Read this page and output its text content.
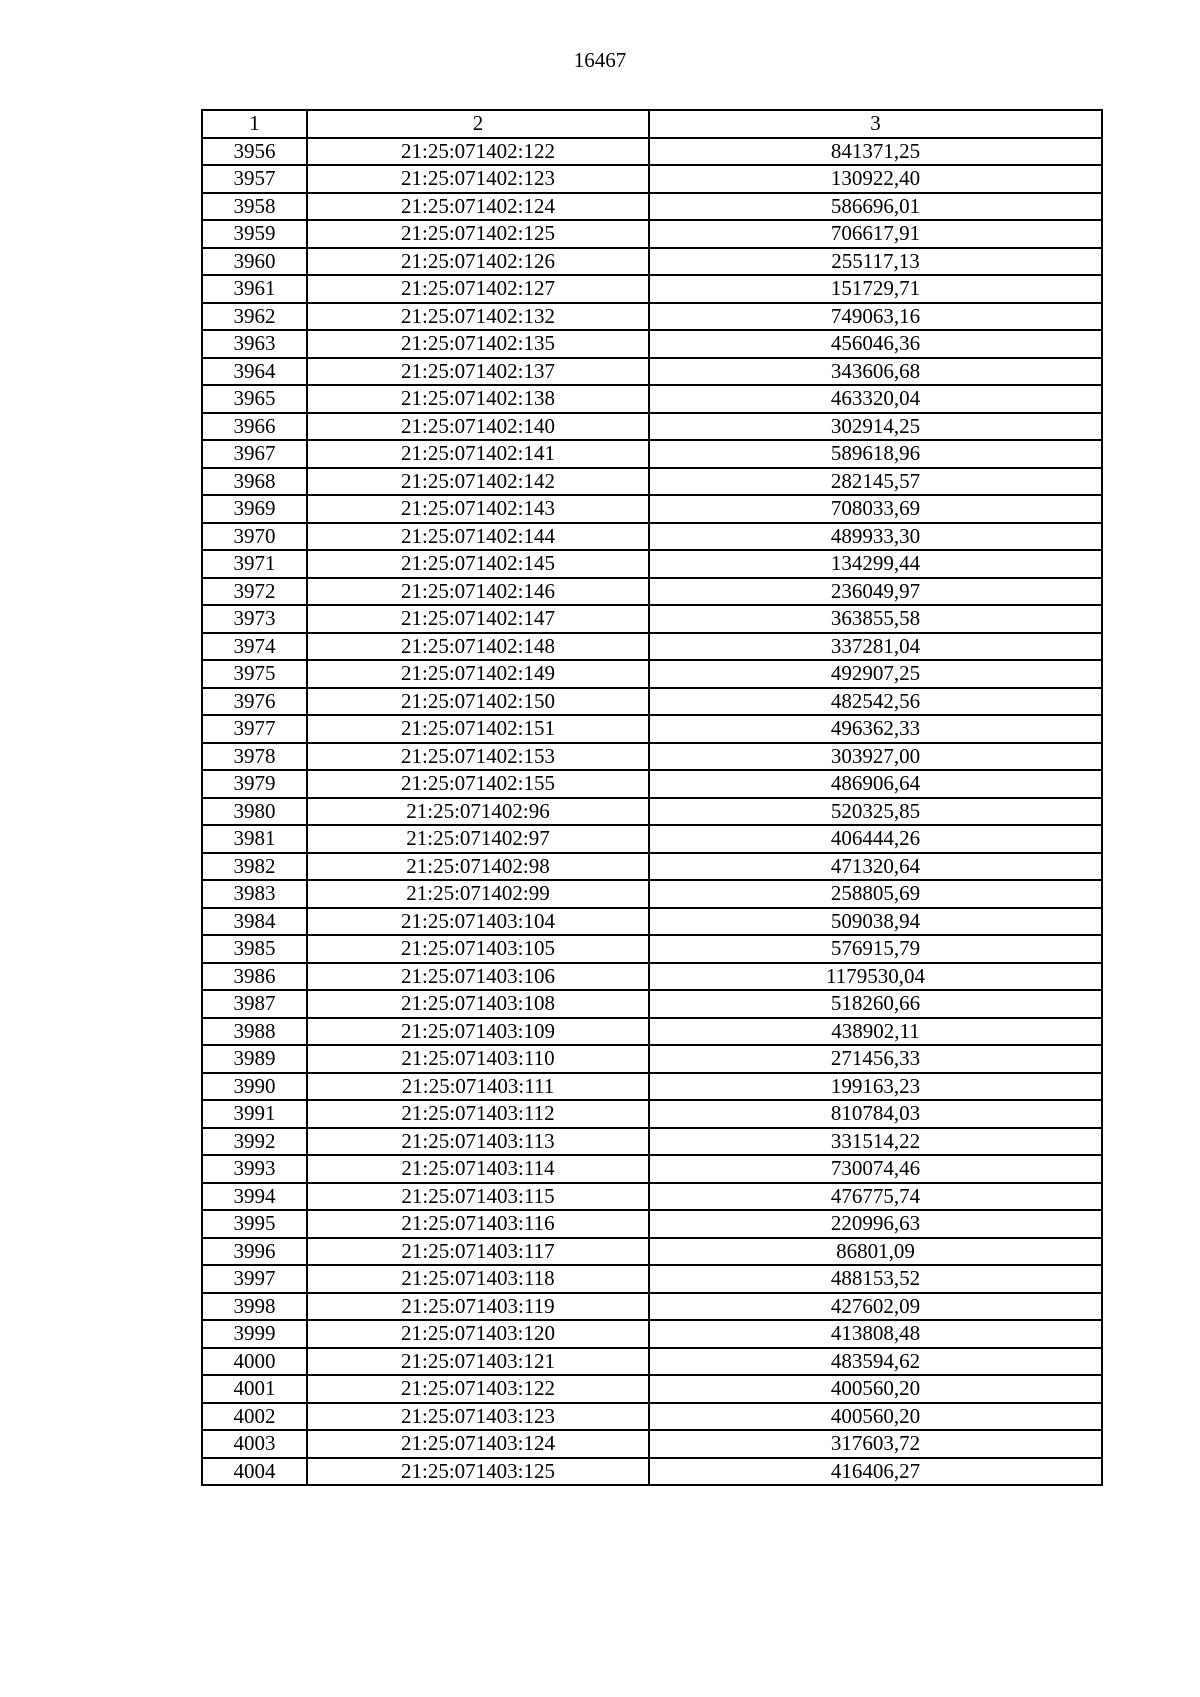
16467
1	2	3
3956	21:25:071402:122	841371,25
3957	21:25:071402:123	130922,40
3958	21:25:071402:124	586696,01
3959	21:25:071402:125	706617,91
3960	21:25:071402:126	255117,13
3961	21:25:071402:127	151729,71
3962	21:25:071402:132	749063,16
3963	21:25:071402:135	456046,36
3964	21:25:071402:137	343606,68
3965	21:25:071402:138	463320,04
3966	21:25:071402:140	302914,25
3967	21:25:071402:141	589618,96
3968	21:25:071402:142	282145,57
3969	21:25:071402:143	708033,69
3970	21:25:071402:144	489933,30
3971	21:25:071402:145	134299,44
3972	21:25:071402:146	236049,97
3973	21:25:071402:147	363855,58
3974	21:25:071402:148	337281,04
3975	21:25:071402:149	492907,25
3976	21:25:071402:150	482542,56
3977	21:25:071402:151	496362,33
3978	21:25:071402:153	303927,00
3979	21:25:071402:155	486906,64
3980	21:25:071402:96	520325,85
3981	21:25:071402:97	406444,26
3982	21:25:071402:98	471320,64
3983	21:25:071402:99	258805,69
3984	21:25:071403:104	509038,94
3985	21:25:071403:105	576915,79
3986	21:25:071403:106	1179530,04
3987	21:25:071403:108	518260,66
3988	21:25:071403:109	438902,11
3989	21:25:071403:110	271456,33
3990	21:25:071403:111	199163,23
3991	21:25:071403:112	810784,03
3992	21:25:071403:113	331514,22
3993	21:25:071403:114	730074,46
3994	21:25:071403:115	476775,74
3995	21:25:071403:116	220996,63
3996	21:25:071403:117	86801,09
3997	21:25:071403:118	488153,52
3998	21:25:071403:119	427602,09
3999	21:25:071403:120	413808,48
4000	21:25:071403:121	483594,62
4001	21:25:071403:122	400560,20
4002	21:25:071403:123	400560,20
4003	21:25:071403:124	317603,72
4004	21:25:071403:125	416406,27
